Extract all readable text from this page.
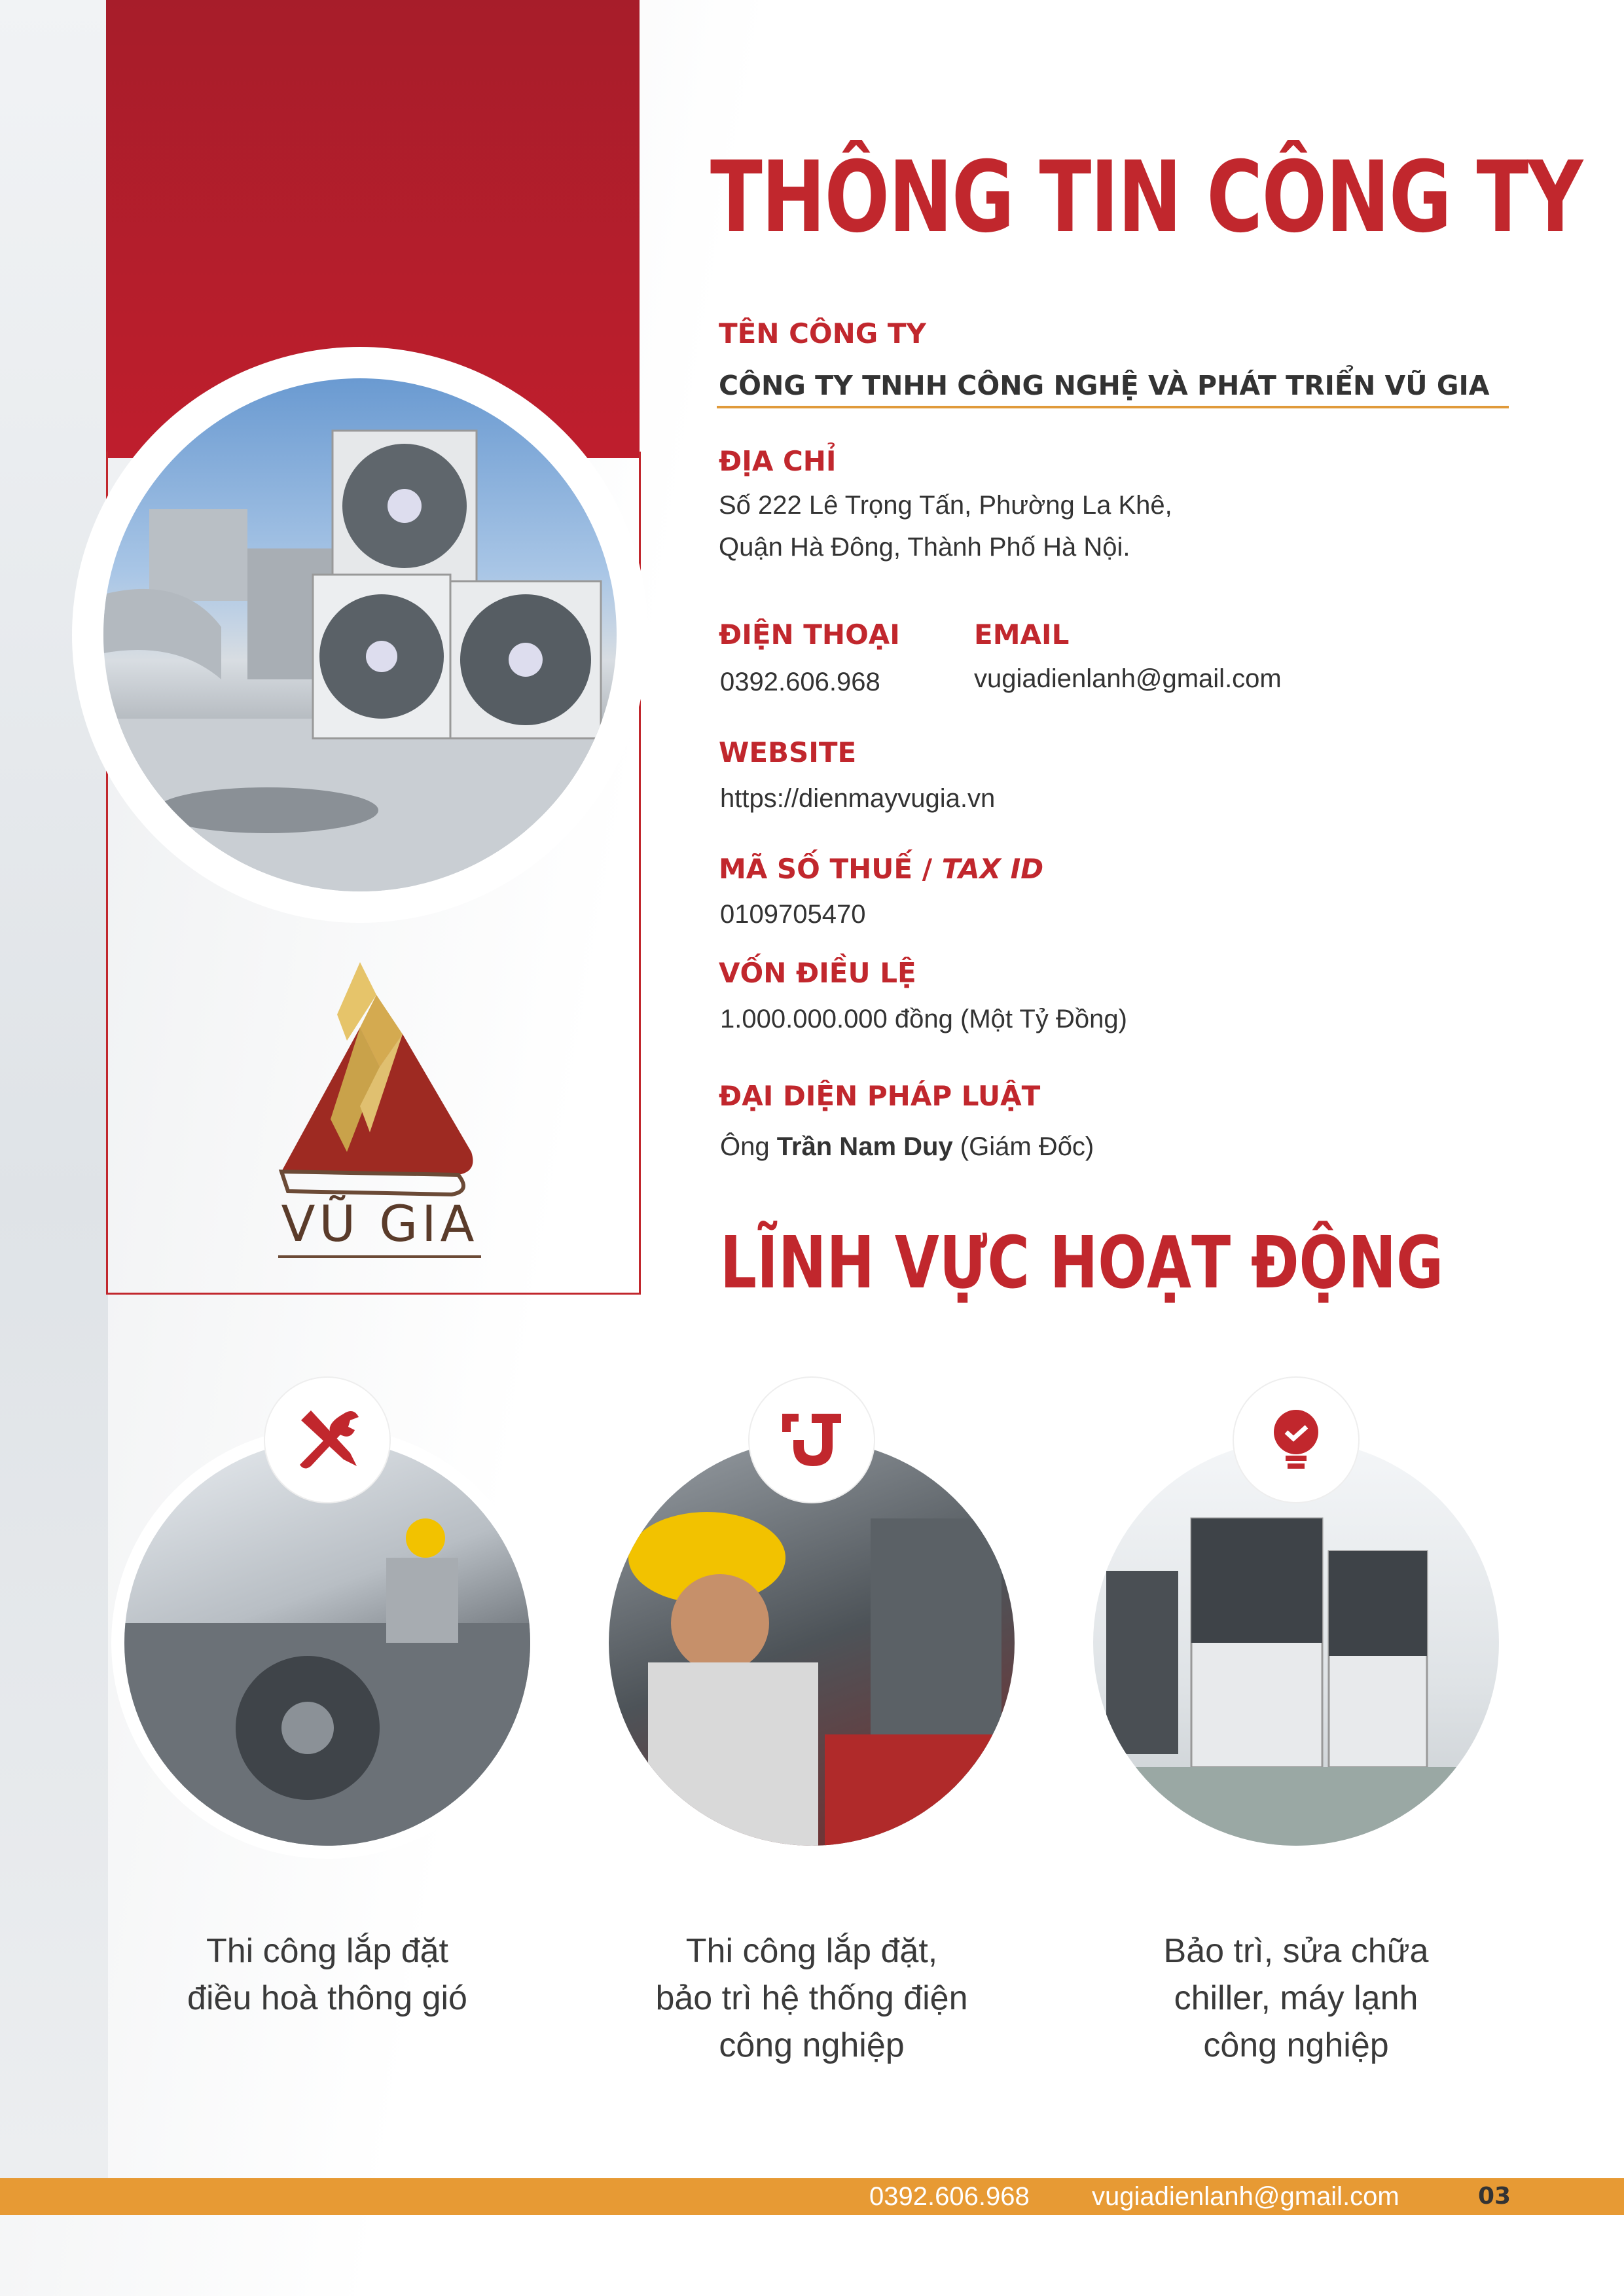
VŨ GIA
THÔNG TIN CÔNG TY
TÊN CÔNG TY
CÔNG TY TNHH CÔNG NGHỆ VÀ PHÁT TRIỂN VŨ GIA
ĐỊA CHỈ
Số 222 Lê Trọng Tấn, Phường La Khê,
Quận Hà Đông, Thành Phố Hà Nội.
ĐIỆN THOẠI
0392.606.968
EMAIL
vugiadienlanh@gmail.com
WEBSITE
https://dienmayvugia.vn
MÃ SỐ THUẾ / TAX ID
0109705470
VỐN ĐIỀU LỆ
1.000.000.000 đồng (Một Tỷ Đồng)
ĐẠI DIỆN PHÁP LUẬT
Ông Trần Nam Duy (Giám Đốc)
LĨNH VỰC HOẠT ĐỘNG
Thi công lắp đặt
điều hoà thông gió
Thi công lắp đặt,
bảo trì hệ thống điện
công nghiệp
Bảo trì, sửa chữa
chiller, máy lạnh
công nghiệp
0392.606.968 vugiadienlanh@gmail.com	03
